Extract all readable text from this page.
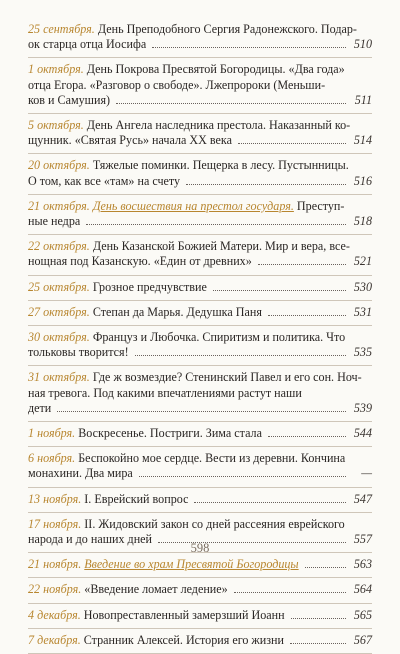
25 сентября. День Преподобного Сергия Радонежского. Подар-
ок старца отца Иосифа	510
1 октября. День Покрова Пресвятой Богородицы. «Два года»
отца Егора. «Разговор о свободе». Лжепророки (Меньши-
ков и Самушия)	511
5 октября. День Ангела наследника престола. Наказанный ко-
щунник. «Святая Русь» начала XX века	514
20 октября. Тяжелые поминки. Пещерка в лесу. Пустынницы.
О том, как все «там» на счету	516
21 октября. День восшествия на престол государя. Преступ-
ные недра	518
22 октября. День Казанской Божией Матери. Мир и вера, все-
нощная под Казанскую. «Един от древних»	521
25 октября. Грозное предчувствие	530
27 октября. Степан да Марья. Дедушка Паня	531
30 октября. Француз и Любочка. Спиритизм и политика. Что
тольковы творится!	535
31 октября. Где ж возмездие? Стенинский Павел и его сон. Ноч-
ная тревога. Под какими впечатлениями растут наши
дети	539
1 ноября. Воскресенье. Постриги. Зима стала	544
6 ноября. Беспокойно мое сердце. Вести из деревни. Кончина
монахини. Два мира	—
13 ноября. I. Еврейский вопрос	547
17 ноября. II. Жидовский закон со дней рассеяния еврейского
народа и до наших дней	557
21 ноября. Введение во храм Пресвятой Богородицы	563
22 ноября. «Введение ломает ледение»	564
4 декабря. Новопреставленный замерзший Иоанн	565
7 декабря. Странник Алексей. История его жизни	567
598
